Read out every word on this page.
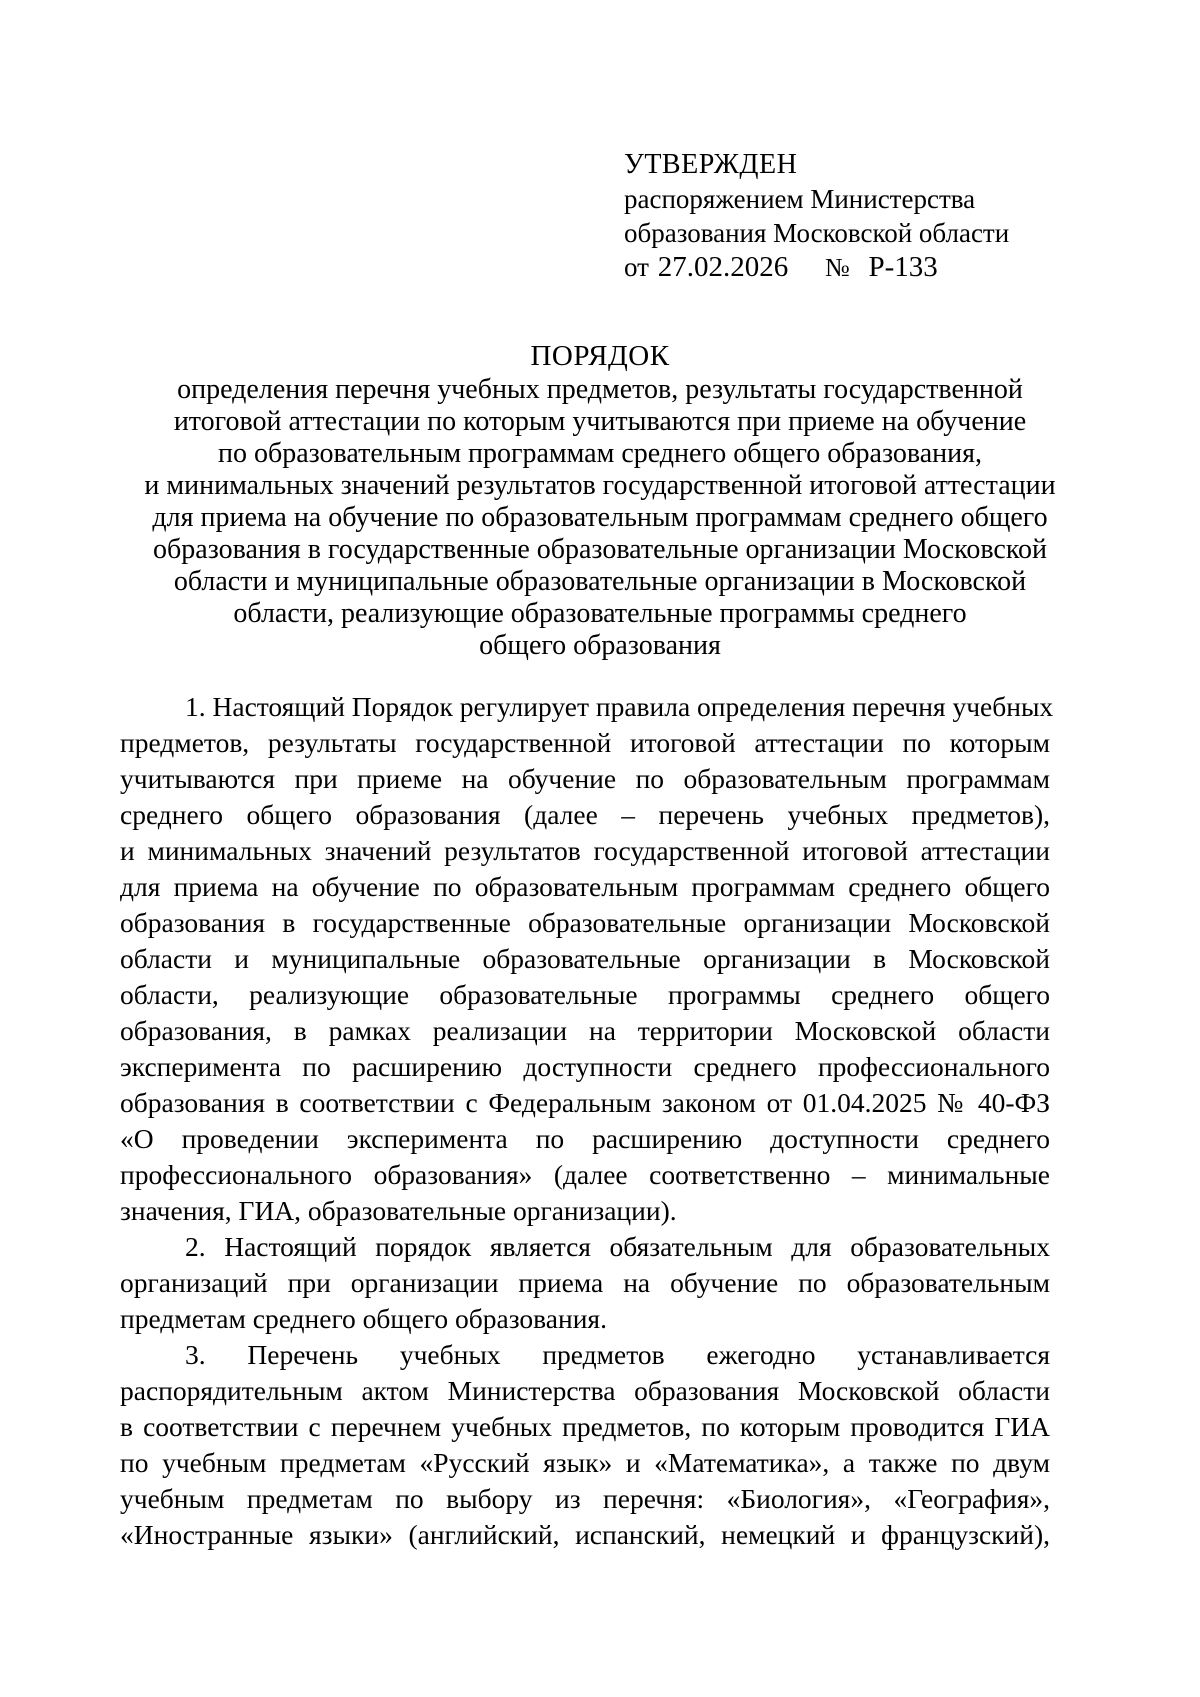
УТВЕРЖДЕН
распоряжением Министерства
образования Московской области
от 27.02.2026 № Р-133
ПОРЯДОК
определения перечня учебных предметов, результаты государственной
итоговой аттестации по которым учитываются при приеме на обучение
по образовательным программам среднего общего образования,
и минимальных значений результатов государственной итоговой аттестации
для приема на обучение по образовательным программам среднего общего
образования в государственные образовательные организации Московской
области и муниципальные образовательные организации в Московской
области, реализующие образовательные программы среднего
общего образования
1. Настоящий Порядок регулирует правила определения перечня учебных
предметов, результаты государственной итоговой аттестации по которым
учитываются при приеме на обучение по образовательным программам
среднего общего образования (далее – перечень учебных предметов),
и минимальных значений результатов государственной итоговой аттестации
для приема на обучение по образовательным программам среднего общего
образования в государственные образовательные организации Московской
области и муниципальные образовательные организации в Московской
области, реализующие образовательные программы среднего общего
образования, в рамках реализации на территории Московской области
эксперимента по расширению доступности среднего профессионального
образования в соответствии с Федеральным законом от 01.04.2025 № 40-ФЗ
«О проведении эксперимента по расширению доступности среднего
профессионального образования» (далее соответственно – минимальные
значения, ГИА, образовательные организации).
2. Настоящий порядок является обязательным для образовательных
организаций при организации приема на обучение по образовательным
предметам среднего общего образования.
3. Перечень учебных предметов ежегодно устанавливается
распорядительным актом Министерства образования Московской области
в соответствии с перечнем учебных предметов, по которым проводится ГИА
по учебным предметам «Русский язык» и «Математика», а также по двум
учебным предметам по выбору из перечня: «Биология», «География»,
«Иностранные языки» (английский, испанский, немецкий и французский),
